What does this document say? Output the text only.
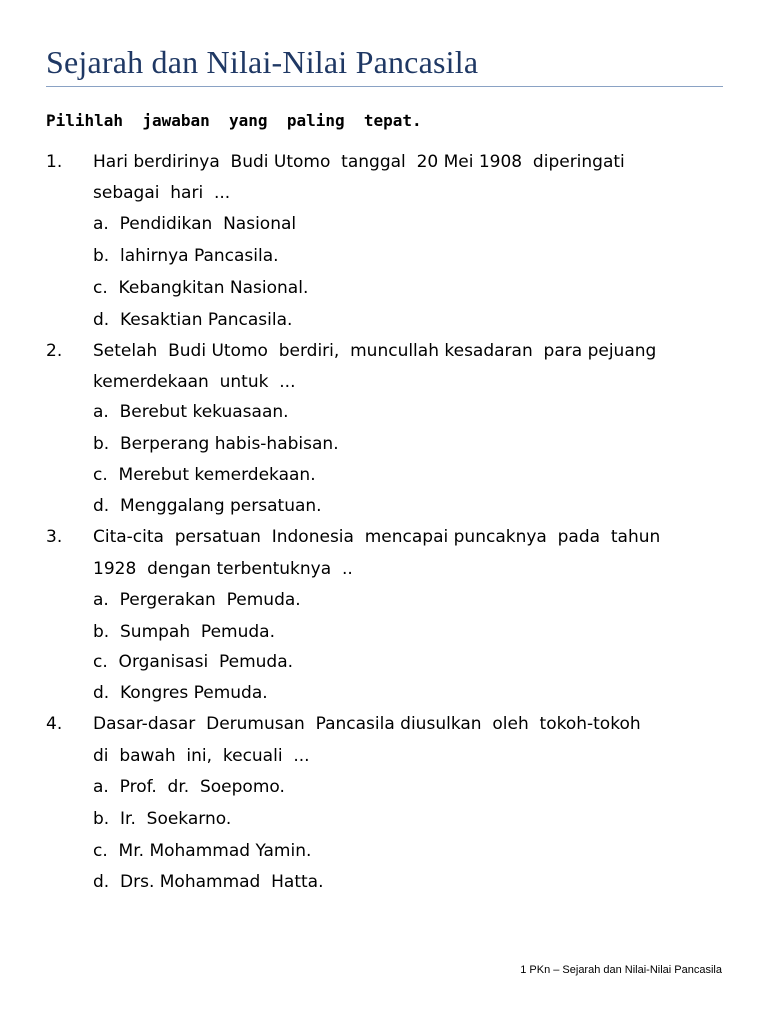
Sejarah dan Nilai-Nilai Pancasila
Pilihlah  jawaban  yang  paling  tepat.
1. Hari berdirinya  Budi Utomo  tanggal  20 Mei 1908  diperingati
sebagai  hari  ...
a.  Pendidikan  Nasional
b.  lahirnya Pancasila.
c.  Kebangkitan Nasional.
d.  Kesaktian Pancasila.
2. Setelah  Budi Utomo  berdiri,  muncullah kesadaran  para pejuang
kemerdekaan  untuk  ...
a.  Berebut kekuasaan.
b.  Berperang habis-habisan.
c.  Merebut kemerdekaan.
d.  Menggalang persatuan.
3. Cita-cita  persatuan  Indonesia  mencapai puncaknya  pada  tahun
1928  dengan terbentuknya  ..
a.  Pergerakan  Pemuda.
b.  Sumpah  Pemuda.
c.  Organisasi  Pemuda.
d.  Kongres Pemuda.
4. Dasar-dasar  Derumusan  Pancasila diusulkan  oleh  tokoh-tokoh
di  bawah  ini,  kecuali  ...
a.  Prof.  dr.  Soepomo.
b.  Ir.  Soekarno.
c.  Mr. Mohammad Yamin.
d.  Drs. Mohammad  Hatta.
1 PKn – Sejarah dan Nilai-Nilai Pancasila
